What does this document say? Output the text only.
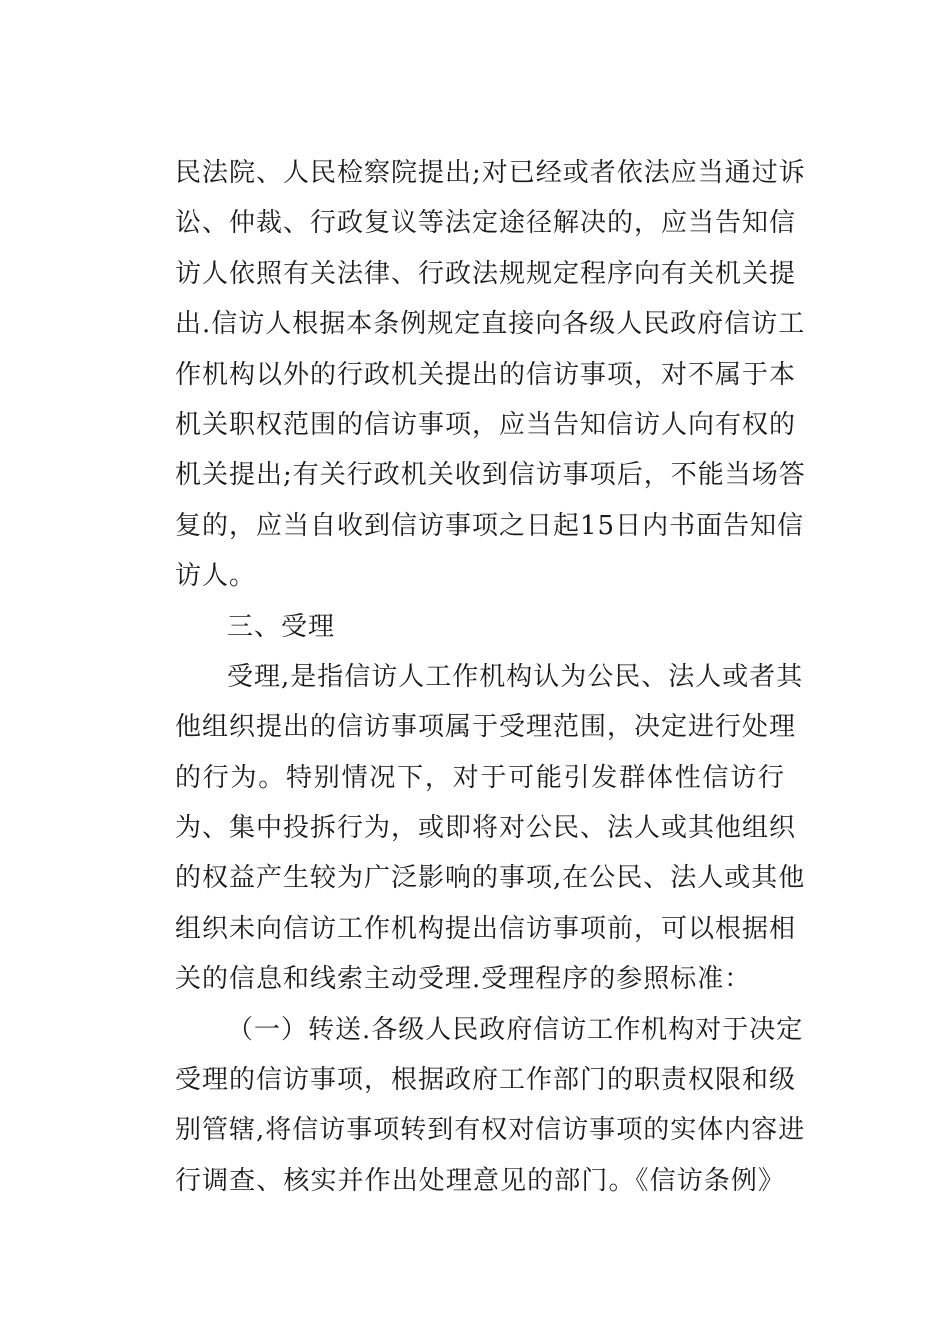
民法院、人民检察院提出;对已经或者依法应当通过诉
讼、仲裁、行政复议等法定途径解决的，应当告知信
访人依照有关法律、行政法规规定程序向有关机关提
出.信访人根据本条例规定直接向各级人民政府信访工
作机构以外的行政机关提出的信访事项，对不属于本
机关职权范围的信访事项，应当告知信访人向有权的
机关提出;有关行政机关收到信访事项后，不能当场答
复的，应当自收到信访事项之日起15日内书面告知信
访人。
三、受理
受理,是指信访人工作机构认为公民、法人或者其
他组织提出的信访事项属于受理范围，决定进行处理
的行为。特别情况下，对于可能引发群体性信访行
为、集中投拆行为，或即将对公民、法人或其他组织
的权益产生较为广泛影响的事项,在公民、法人或其他
组织未向信访工作机构提出信访事项前，可以根据相
关的信息和线索主动受理.受理程序的参照标准：
（一）转送.各级人民政府信访工作机构对于决定
受理的信访事项，根据政府工作部门的职责权限和级
别管辖,将信访事项转到有权对信访事项的实体内容进
行调查、核实并作出处理意见的部门。《信访条例》
